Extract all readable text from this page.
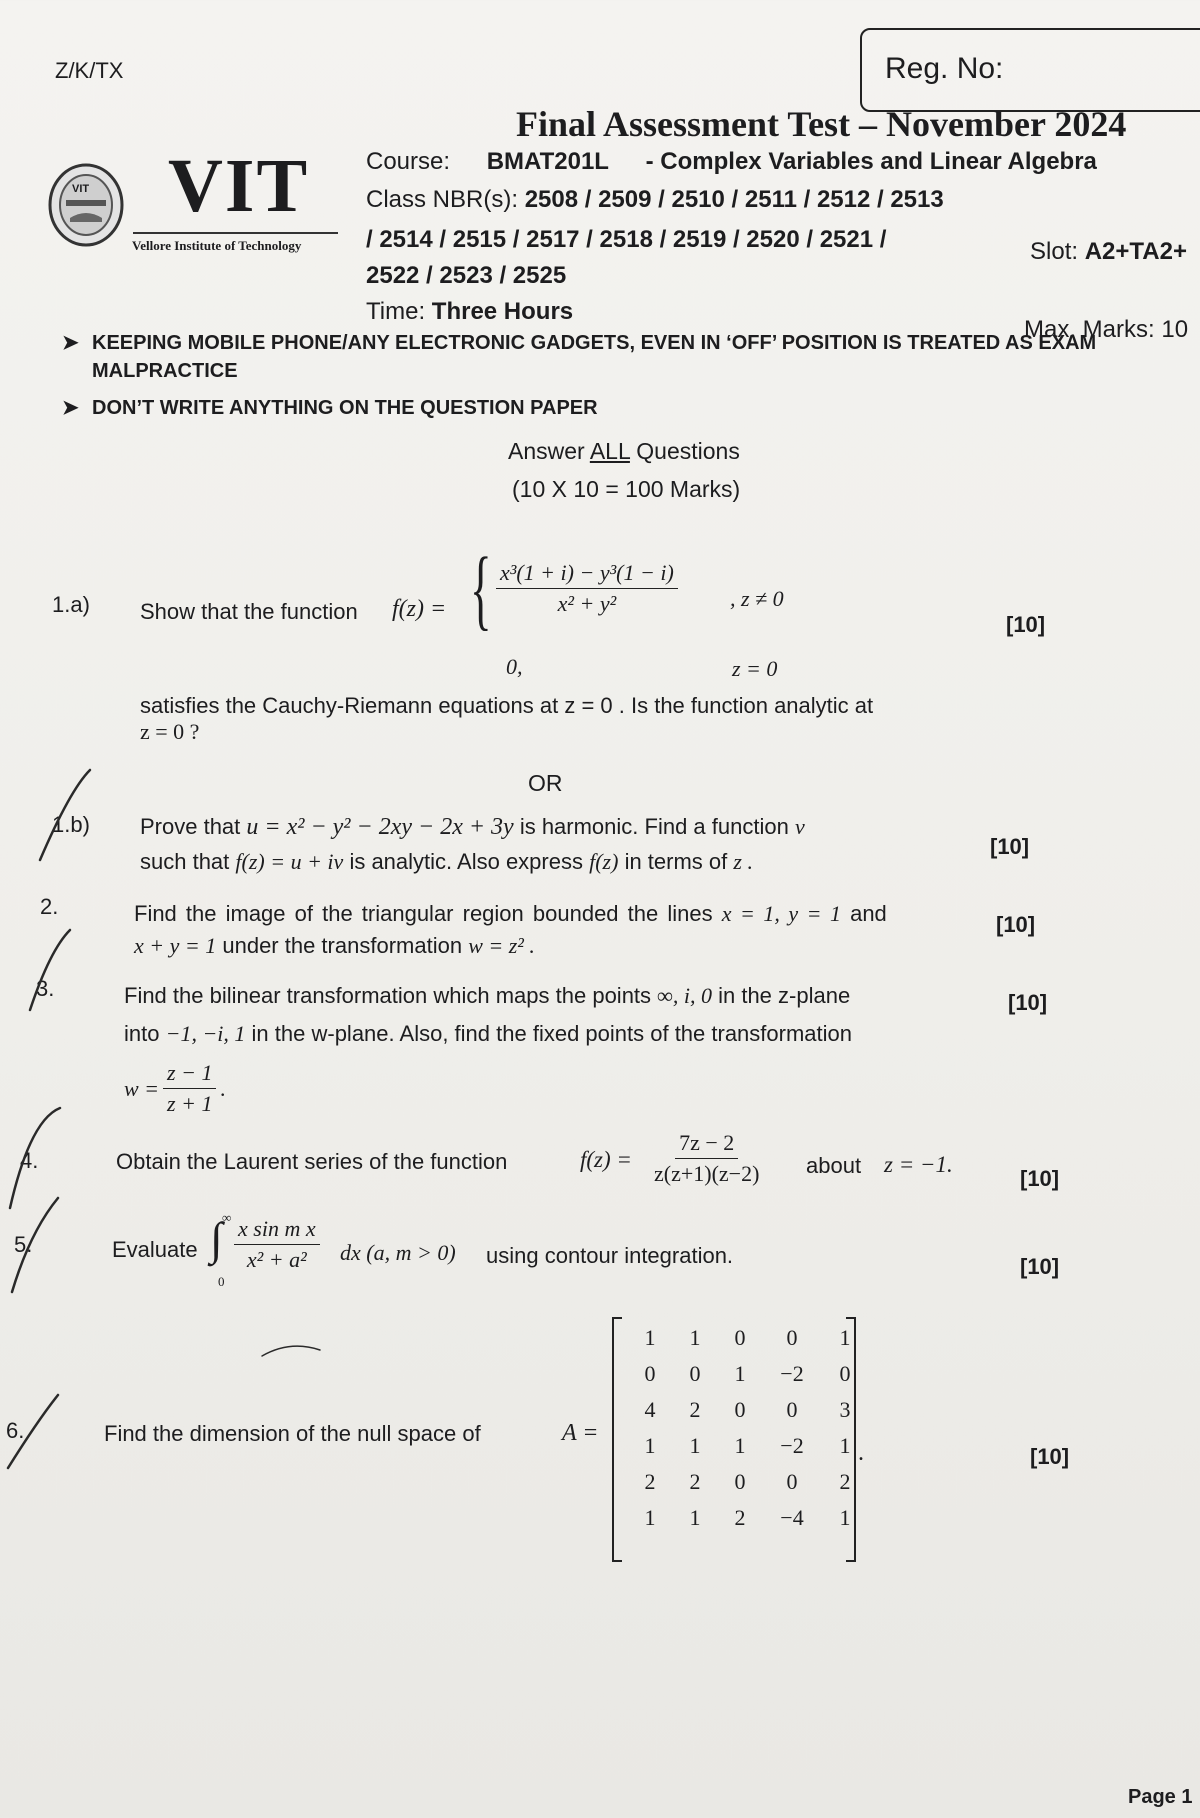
Z/K/TX	Reg. No:
Final Assessment Test – November 2024
VIT VIT
Vellore Institute of Technology
Course: BMAT201L - Complex Variables and Linear Algebra
Class NBR(s): 2508 / 2509 / 2510 / 2511 / 2512 / 2513
/ 2514 / 2515 / 2517 / 2518 / 2519 / 2520 / 2521 /
2522 / 2523 / 2525
Slot: A2+TA2+
Time: Three Hours
Max. Marks: 10
➤ KEEPING MOBILE PHONE/ANY ELECTRONIC GADGETS, EVEN IN ‘OFF’ POSITION IS TREATED AS EXAM
MALPRACTICE
➤ DON’T WRITE ANYTHING ON THE QUESTION PAPER
Answer ALL Questions
(10 X 10 = 100 Marks)
1.a) Show that the function f(z) = { $\frac{\text{x³(1 + i) − y³(1 − i)}}{\text{x² + y²}}$ , z ≠ 0
0,	z = 0
[10]
satisfies the Cauchy-Riemann equations at z = 0 . Is the function analytic at
z = 0 ?
OR
1.b) Prove that u = x² − y² − 2xy − 2x + 3y is harmonic. Find a function v
[10]
such that f(z) = u + iv is analytic. Also express f(z) in terms of z .
2.	Find the image of the triangular region bounded the lines x = 1, y = 1 and	[10]
x + y = 1 under the transformation w = z² .
3.	Find the bilinear transformation which maps the points ∞, i, 0 in the z-plane	[10]
into −1, −i, 1 in the w-plane. Also, find the fixed points of the transformation
$w = \frac{z - 1}{z + 1}$ .
4.	Obtain the Laurent series of the function	$f(z) = \frac{7z - 2}{z(z+1)(z-2)}$ about z = −1.
[10]
5.	Evaluate ∫ ∞
0
$\frac{\text{x sin m x}}{\text{x² + a²}}$ dx (a, m > 0) using contour integration.	[10]
6.	Find the dimension of the null space of	A =
1	1	0	0	1
0	0	1	−2	0
4	2	0	0	3
1	1	1	−2	1
2	2	0	0	2
1	1	2	−4	1
.	[10]
Page 1
